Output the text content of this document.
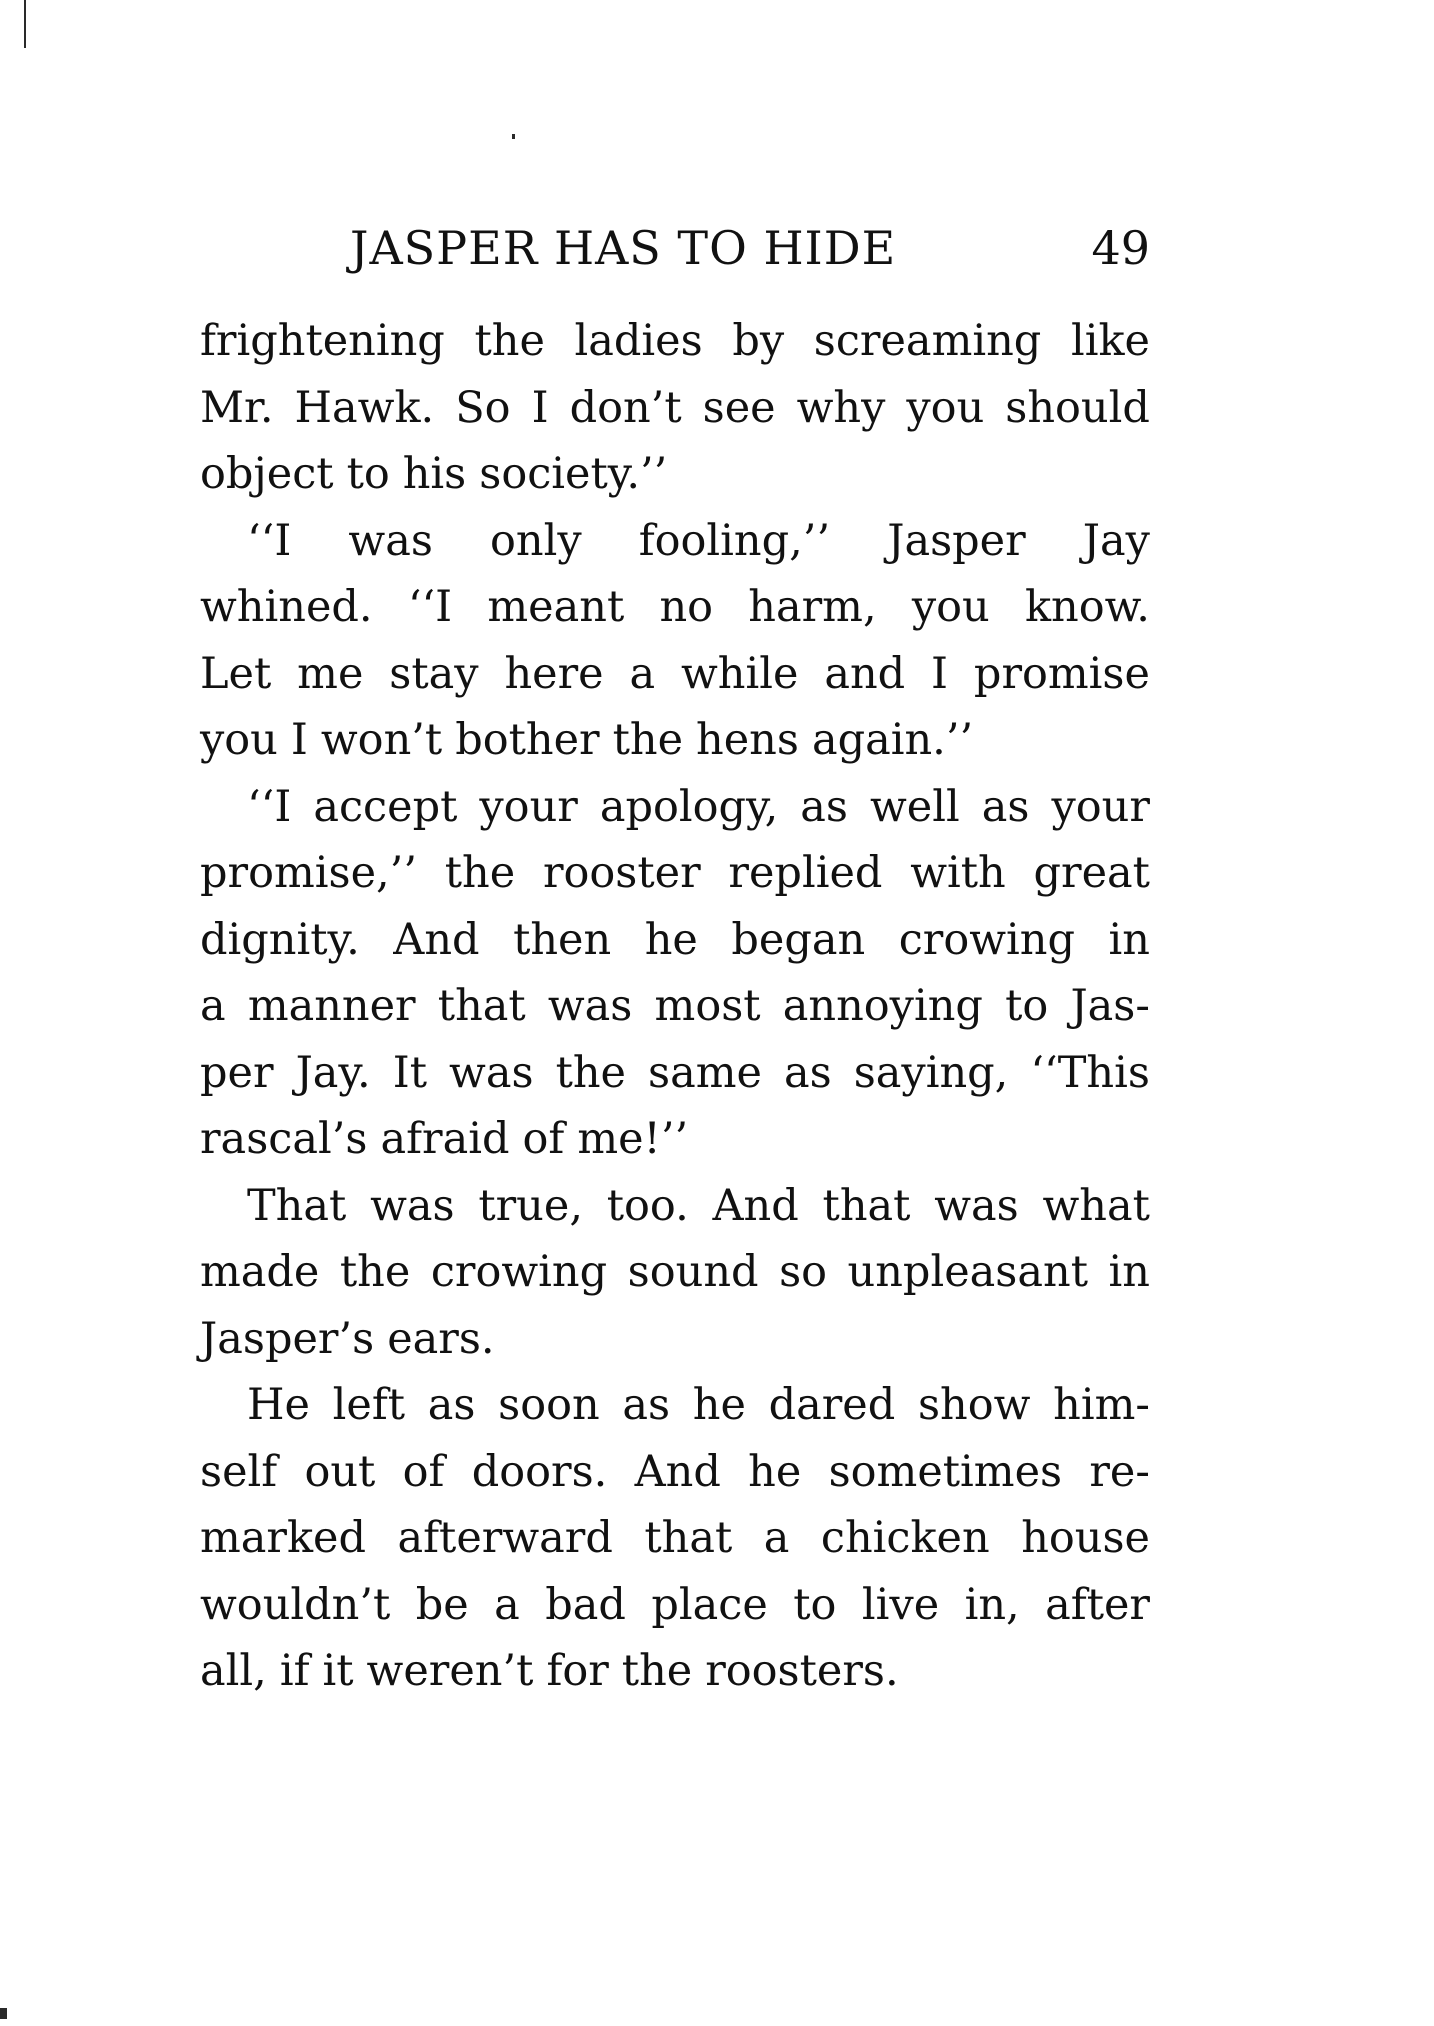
JASPER HAS TO HIDE	49
frightening the ladies by screaming like
Mr. Hawk. So I don’t see why you should
object to his society.’’
‘‘I was only fooling,’’ Jasper Jay
whined. ‘‘I meant no harm, you know.
Let me stay here a while and I promise
you I won’t bother the hens again.’’
‘‘I accept your apology, as well as your
promise,’’ the rooster replied with great
dignity. And then he began crowing in
a manner that was most annoying to Jas-
per Jay. It was the same as saying, ‘‘This
rascal’s afraid of me!’’
That was true, too. And that was what
made the crowing sound so unpleasant in
Jasper’s ears.
He left as soon as he dared show him-
self out of doors. And he sometimes re-
marked afterward that a chicken house
wouldn’t be a bad place to live in, after
all, if it weren’t for the roosters.
